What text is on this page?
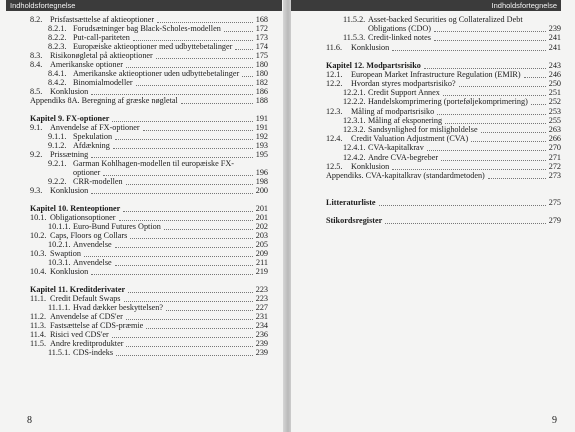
Indholdsfortegnelse
8.2. Prisfastsættelse af aktieoptioner	168
8.2.1. Forudsætninger bag Black-Scholes-modellen	172
8.2.2. Put-call-pariteten	173
8.2.3. Europæiske aktieoptioner med udbyttebetalinger	174
8.3. Risikonøgletal på aktieoptioner	175
8.4. Amerikanske optioner	180
8.4.1. Amerikanske aktieoptioner uden udbyttebetalinger 180
8.4.2. Binomialmodeller	182
8.5. Konklusion	186
Appendiks 8A. Beregning af græske nøgletal	188
Kapitel 9. FX-optioner	191
9.1. Anvendelse af FX-optioner	191
9.1.1. Spekulation	192
9.1.2. Afdækning	193
9.2. Prissætning	195
9.2.1. Garman Kohlhagen-modellen til europæiske FX-
optioner	196
9.2.2. CRR-modellen	198
9.3. Konklusion	200
Kapitel 10. Renteoptioner	201
10.1. Obligationsoptioner	201
10.1.1. Euro-Bund Futures Option	202
10.2. Caps, Floors og Collars	203
10.2.1. Anvendelse	205
10.3. Swaption	209
10.3.1. Anvendelse	211
10.4. Konklusion	219
Kapitel 11. Kreditderivater	223
11.1. Credit Default Swaps	223
11.1.1. Hvad dækker beskyttelsen?	227
11.2. Anvendelse af CDS'er	231
11.3. Fastsættelse af CDS-præmie	234
11.4. Risici ved CDS'er	236
11.5. Andre kreditprodukter	239
11.5.1. CDS-indeks	239
8
Indholdsfortegnelse
11.5.2. Asset-backed Securities og Collateralized Debt
Obligations (CDO)	239
11.5.3. Credit-linked notes	241
11.6. Konklusion	241
Kapitel 12. Modpartsrisiko	243
12.1. European Market Infrastructure Regulation (EMIR)	246
12.2. Hvordan styres modpartsrisiko?	250
12.2.1. Credit Support Annex	251
12.2.2. Handelskomprimering (porteføljekomprimering)	252
12.3. Måling af modpartsrisiko	253
12.3.1. Måling af eksponering	255
12.3.2. Sandsynlighed for misligholdelse	263
12.4. Credit Valuation Adjustment (CVA)	266
12.4.1. CVA-kapitalkrav	270
12.4.2. Andre CVA-begreber	271
12.5. Konklusion	272
Appendiks. CVA-kapitalkrav (standardmetoden)	273
Litteraturliste	275
Stikordsregister	279
9
